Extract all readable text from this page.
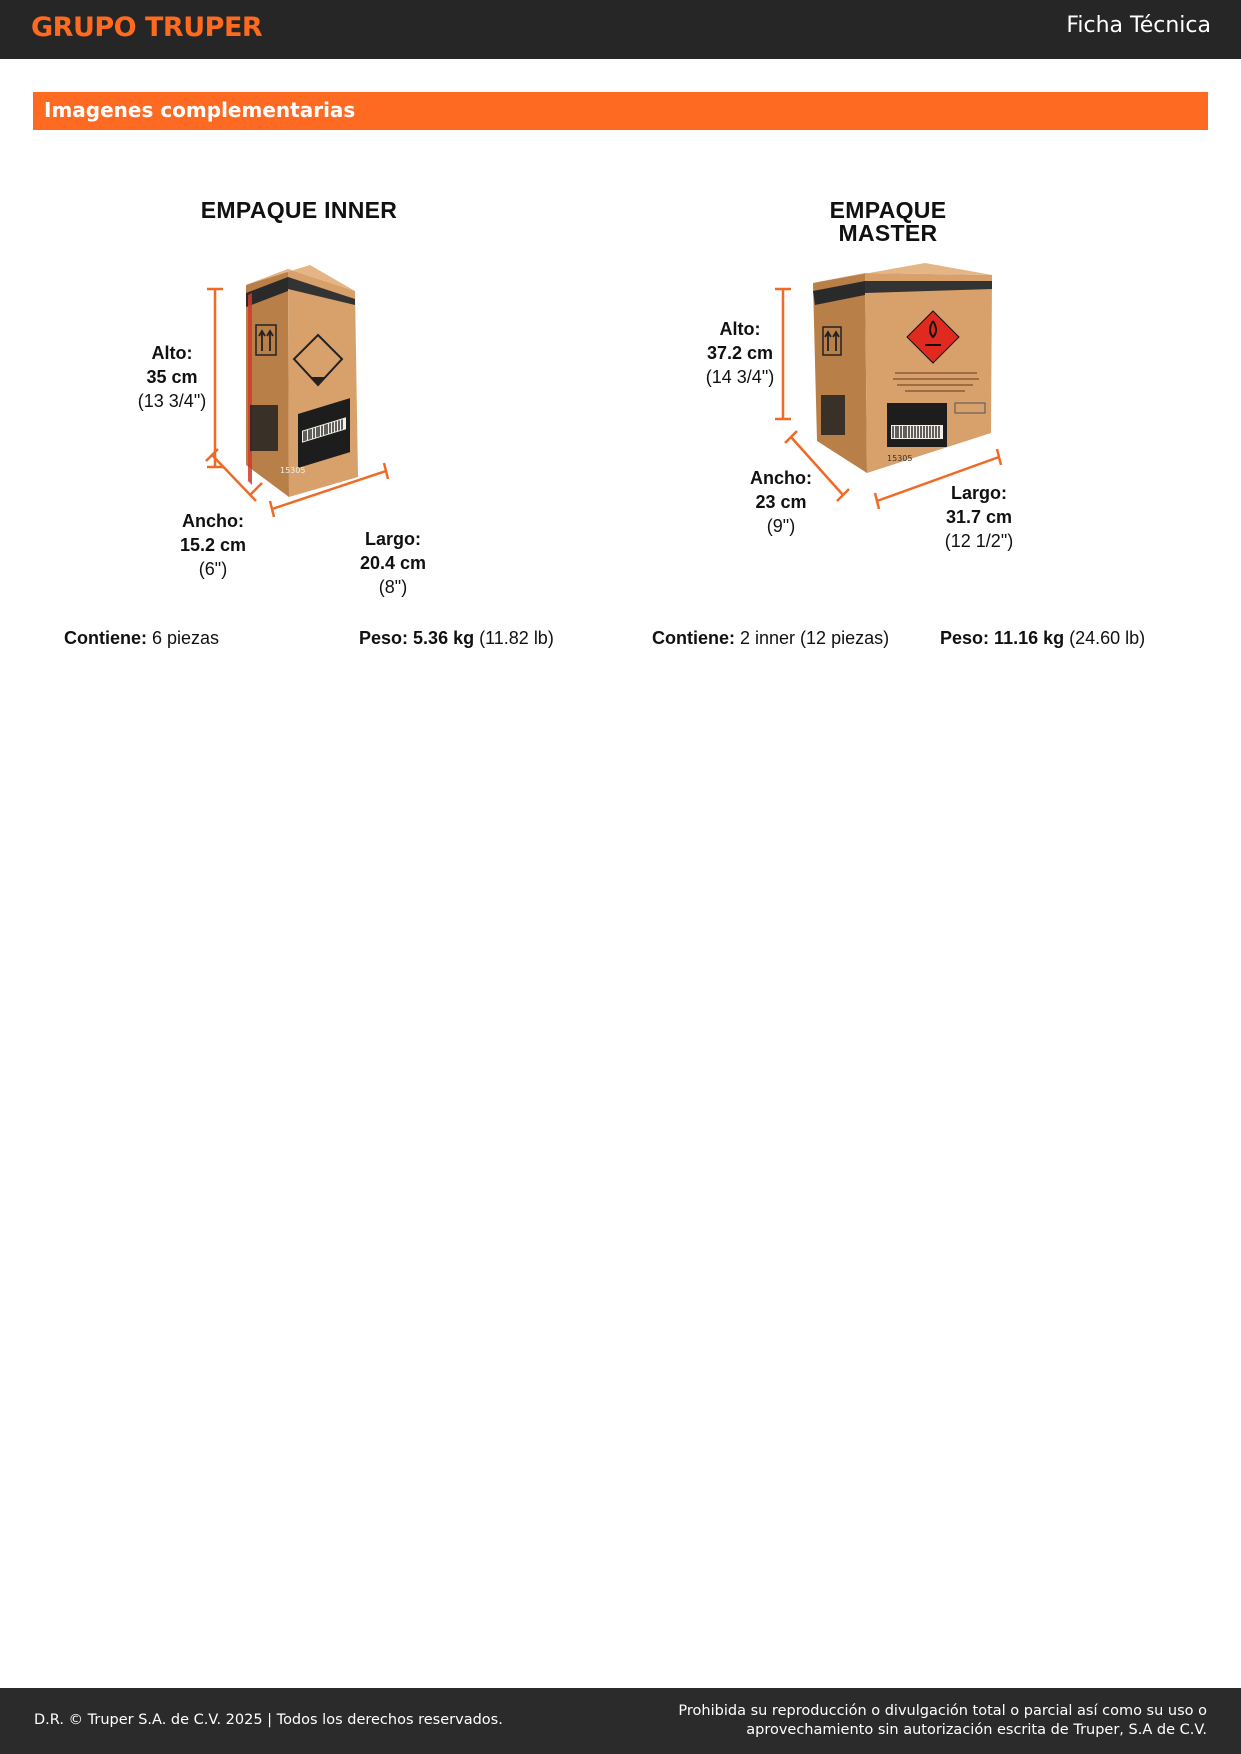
GRUPO TRUPER	Ficha Técnica
Imagenes complementarias
EMPAQUE INNER
15305
Alto:
35 cm
(13 3/4")
Ancho:
15.2 cm
(6")
Largo:
20.4 cm
(8")
Contiene: 6 piezas	Peso: 5.36 kg (11.82 lb)
EMPAQUE MASTER
15305
Alto:
37.2 cm
(14 3/4")
Ancho:
23 cm
(9")
Largo:
31.7 cm
(12 1/2")
Contiene: 2 inner (12 piezas)	Peso: 11.16 kg (24.60 lb)
D.R. © Truper S.A. de C.V. 2025 | Todos los derechos reservados.
Prohibida su reproducción o divulgación total o parcial así como su uso o
aprovechamiento sin autorización escrita de Truper, S.A de C.V.
